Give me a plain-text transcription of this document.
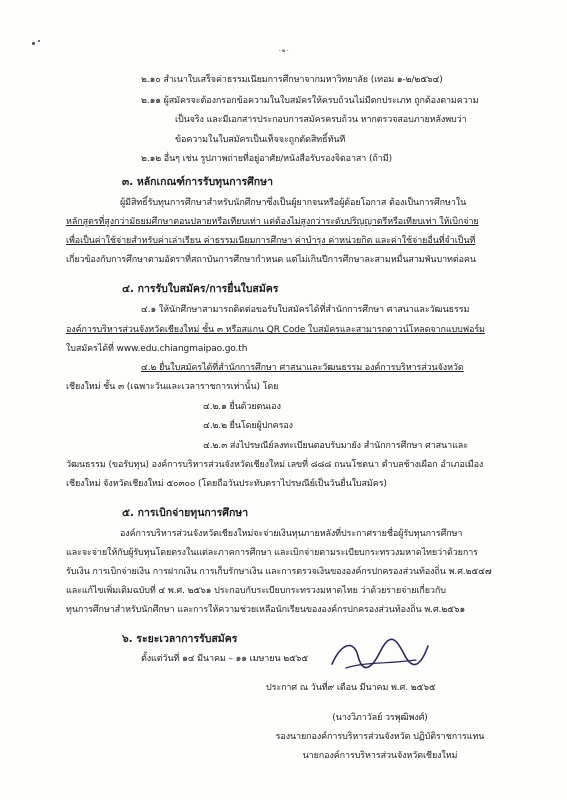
- ๒ -
๒.๑๐ สำเนาใบเสร็จค่าธรรมเนียมการศึกษาจากมหาวิทยาลัย (เทอม ๑-๒/๒๕๖๔)
๒.๑๑ ผู้สมัครจะต้องกรอกข้อความในใบสมัครให้ครบถ้วนไม่มีตกประเภท ถูกต้องตามความ
เป็นจริง และมีเอกสารประกอบการสมัครครบถ้วน หากตรวจสอบภายหลังพบว่า
ข้อความในใบสมัครเป็นเท็จจะถูกตัดสิทธิ์ทันที
๒.๑๒ อื่นๆ เช่น รูปภาพถ่ายที่อยู่อาศัย/หนังสือรับรองจิตอาสา (ถ้ามี)
๓. หลักเกณฑ์การรับทุนการศึกษา
ผู้มีสิทธิ์รับทุนการศึกษาสำหรับนักศึกษาซึ่งเป็นผู้ยากจนหรือผู้ด้อยโอกาส ต้องเป็นการศึกษาใน
หลักสูตรที่สูงกว่ามัธยมศึกษาตอนปลายหรือเทียบเท่า แต่ต้องไม่สูงกว่าระดับปริญญาตรีหรือเทียบเท่า ให้เบิกจ่าย
เพื่อเป็นค่าใช้จ่ายสำหรับค่าเล่าเรียน ค่าธรรมเนียมการศึกษา ค่าบำรุง ค่าหน่วยกิต และค่าใช้จ่ายอื่นที่จำเป็นที่
เกี่ยวข้องกับการศึกษาตามอัตราที่สถาบันการศึกษากำหนด แต่ไม่เกินปีการศึกษาละสามหมื่นสามพันบาทต่อคน
๔. การรับใบสมัคร/การยื่นใบสมัคร
๔.๑ ให้นักศึกษาสามารถติดต่อขอรับใบสมัครได้ที่สำนักการศึกษา ศาสนาและวัฒนธรรม
องค์การบริหารส่วนจังหวัดเชียงใหม่ ชั้น ๓ หรือสแกน QR Code ใบสมัครและสามารถดาวน์โหลดจากแบบฟอร์ม
ใบสมัครได้ที่ www.edu.chiangmaipao.go.th
๔.๒ ยื่นใบสมัครได้ที่สำนักการศึกษา ศาสนาและวัฒนธรรม องค์การบริหารส่วนจังหวัด
เชียงใหม่ ชั้น ๓ (เฉพาะวันและเวลาราชการเท่านั้น) โดย
๔.๒.๑ ยื่นด้วยตนเอง
๔.๒.๒ ยื่นโดยผู้ปกครอง
๔.๒.๓ ส่งไปรษณีย์ลงทะเบียนตอบรับมายัง สำนักการศึกษา ศาสนาและ
วัฒนธรรม (ขอรับทุน) องค์การบริหารส่วนจังหวัดเชียงใหม่ เลขที่ ๘๘๘ ถนนโชตนา ตำบลช้างเผือก อำเภอเมือง
เชียงใหม่ จังหวัดเชียงใหม่ ๕๐๓๐๐ (โดยถือวันประทับตราไปรษณีย์เป็นวันยื่นใบสมัคร)
๕. การเบิกจ่ายทุนการศึกษา
องค์การบริหารส่วนจังหวัดเชียงใหม่จะจ่ายเงินทุนภายหลังที่ประกาศรายชื่อผู้รับทุนการศึกษา
และจะจ่ายให้กับผู้รับทุนโดยตรงในแต่ละภาคการศึกษา และเบิกจ่ายตามระเบียบกระทรวงมหาดไทยว่าด้วยการ
รับเงิน การเบิกจ่ายเงิน การฝากเงิน การเก็บรักษาเงิน และการตรวจเงินขององค์กรปกครองส่วนท้องถิ่น พ.ศ.๒๕๔๗
และแก้ไขเพิ่มเติมฉบับที่ ๔ พ.ศ. ๒๕๖๑ ประกอบกับระเบียบกระทรวงมหาดไทย ว่าด้วยรายจ่ายเกี่ยวกับ
ทุนการศึกษาสำหรับนักศึกษา และการให้ความช่วยเหลือนักเรียนขององค์กรปกครองส่วนท้องถิ่น พ.ศ.๒๕๖๑
๖. ระยะเวลาการรับสมัคร
ตั้งแต่วันที่ ๑๔ มีนาคม – ๑๑ เมษายน ๒๕๖๕
ประกาศ ณ วันที่๙ เดือน มีนาคม พ.ศ. ๒๕๖๕
(นางวิภาวัลย์ วรพุฒิพงศ์)
รองนายกองค์การบริหารส่วนจังหวัด ปฏิบัติราชการแทน
นายกองค์การบริหารส่วนจังหวัดเชียงใหม่
